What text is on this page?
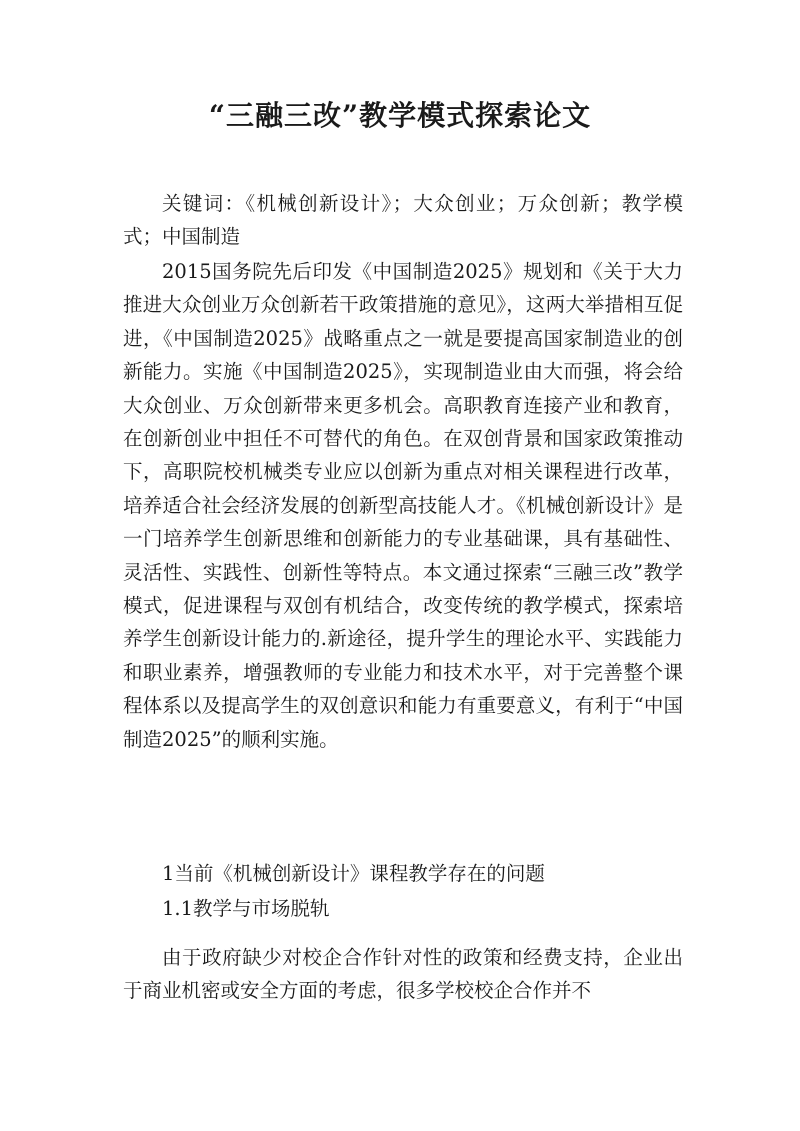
“三融三改”教学模式探索论文

关键词：《机械创新设计》；大众创业；万众创新；教学模式；中国制造

2015国务院先后印发《中国制造2025》规划和《关于大力推进大众创业万众创新若干政策措施的意见》，这两大举措相互促进，《中国制造2025》战略重点之一就是要提高国家制造业的创新能力。实施《中国制造2025》，实现制造业由大而强，将会给大众创业、万众创新带来更多机会。高职教育连接产业和教育，在创新创业中担任不可替代的角色。在双创背景和国家政策推动下，高职院校机械类专业应以创新为重点对相关课程进行改革，培养适合社会经济发展的创新型高技能人才。《机械创新设计》是一门培养学生创新思维和创新能力的专业基础课，具有基础性、灵活性、实践性、创新性等特点。本文通过探索“三融三改”教学模式，促进课程与双创有机结合，改变传统的教学模式，探索培养学生创新设计能力的.新途径，提升学生的理论水平、实践能力和职业素养，增强教师的专业能力和技术水平，对于完善整个课程体系以及提高学生的双创意识和能力有重要意义，有利于“中国制造2025”的顺利实施。

1当前《机械创新设计》课程教学存在的问题

1.1教学与市场脱轨

由于政府缺少对校企合作针对性的政策和经费支持，企业出于商业机密或安全方面的考虑，很多学校校企合作并不
